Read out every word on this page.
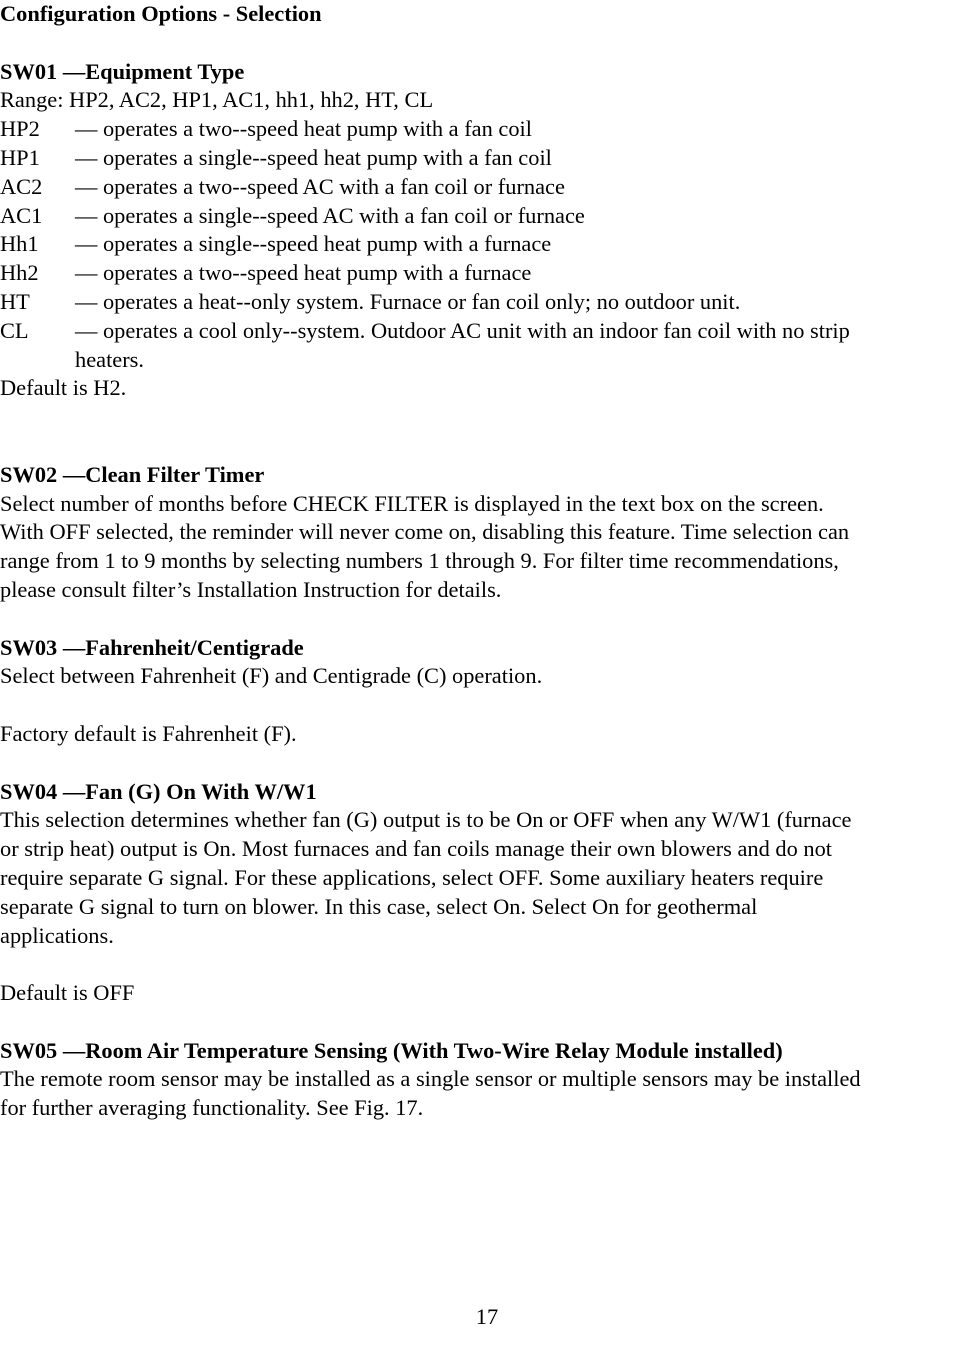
Configuration Options - Selection
SW01 —Equipment Type
Range: HP2, AC2, HP1, AC1, hh1, hh2, HT, CL
HP2	— operates a two--speed heat pump with a fan coil
HP1	— operates a single--speed heat pump with a fan coil
AC2	— operates a two--speed AC with a fan coil or furnace
AC1	— operates a single--speed AC with a fan coil or furnace
Hh1	— operates a single--speed heat pump with a furnace
Hh2	— operates a two--speed heat pump with a furnace
HT	— operates a heat--only system. Furnace or fan coil only; no outdoor unit.
CL	— operates a cool only--system. Outdoor AC unit with an indoor fan coil with no strip
heaters.
Default is H2.
SW02 —Clean Filter Timer
Select number of months before CHECK FILTER is displayed in the text box on the screen.
With OFF selected, the reminder will never come on, disabling this feature. Time selection can
range from 1 to 9 months by selecting numbers 1 through 9. For filter time recommendations,
please consult filter’s Installation Instruction for details.
SW03 —Fahrenheit/Centigrade
Select between Fahrenheit (F) and Centigrade (C) operation.
Factory default is Fahrenheit (F).
SW04 —Fan (G) On With W/W1
This selection determines whether fan (G) output is to be On or OFF when any W/W1 (furnace
or strip heat) output is On. Most furnaces and fan coils manage their own blowers and do not
require separate G signal. For these applications, select OFF. Some auxiliary heaters require
separate G signal to turn on blower. In this case, select On. Select On for geothermal
applications.
Default is OFF
SW05 —Room Air Temperature Sensing (With Two-Wire Relay Module installed)
The remote room sensor may be installed as a single sensor or multiple sensors may be installed
for further averaging functionality. See Fig. 17.
17
